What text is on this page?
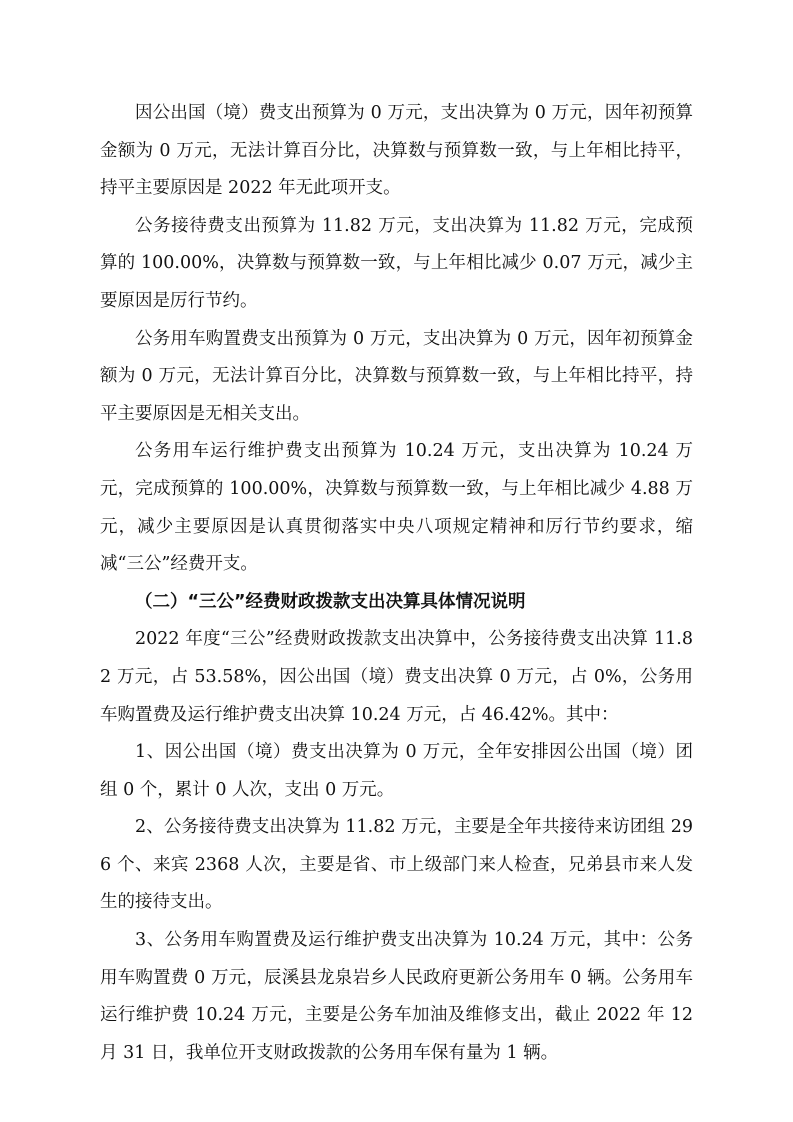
因公出国（境）费支出预算为 0 万元，支出决算为 0 万元，因年初预算金额为 0 万元，无法计算百分比，决算数与预算数一致，与上年相比持平，持平主要原因是 2022 年无此项开支。

公务接待费支出预算为 11.82 万元，支出决算为 11.82 万元，完成预算的 100.00%，决算数与预算数一致，与上年相比减少 0.07 万元，减少主要原因是厉行节约。

公务用车购置费支出预算为 0 万元，支出决算为 0 万元，因年初预算金额为 0 万元，无法计算百分比，决算数与预算数一致，与上年相比持平，持平主要原因是无相关支出。

公务用车运行维护费支出预算为 10.24 万元，支出决算为 10.24 万元，完成预算的 100.00%，决算数与预算数一致，与上年相比减少 4.88 万元，减少主要原因是认真贯彻落实中央八项规定精神和厉行节约要求，缩减“三公”经费开支。

（二）“三公”经费财政拨款支出决算具体情况说明

2022 年度“三公”经费财政拨款支出决算中，公务接待费支出决算 11.82 万元，占 53.58%，因公出国（境）费支出决算 0 万元，占 0%，公务用车购置费及运行维护费支出决算 10.24 万元，占 46.42%。其中：

1、因公出国（境）费支出决算为 0 万元，全年安排因公出国（境）团组 0 个，累计 0 人次，支出 0 万元。

2、公务接待费支出决算为 11.82 万元，主要是全年共接待来访团组 296 个、来宾 2368 人次，主要是省、市上级部门来人检查，兄弟县市来人发生的接待支出。

3、公务用车购置费及运行维护费支出决算为 10.24 万元，其中：公务用车购置费 0 万元，辰溪县龙泉岩乡人民政府更新公务用车 0 辆。公务用车运行维护费 10.24 万元，主要是公务车加油及维修支出，截止 2022 年 12 月 31 日，我单位开支财政拨款的公务用车保有量为 1 辆。
